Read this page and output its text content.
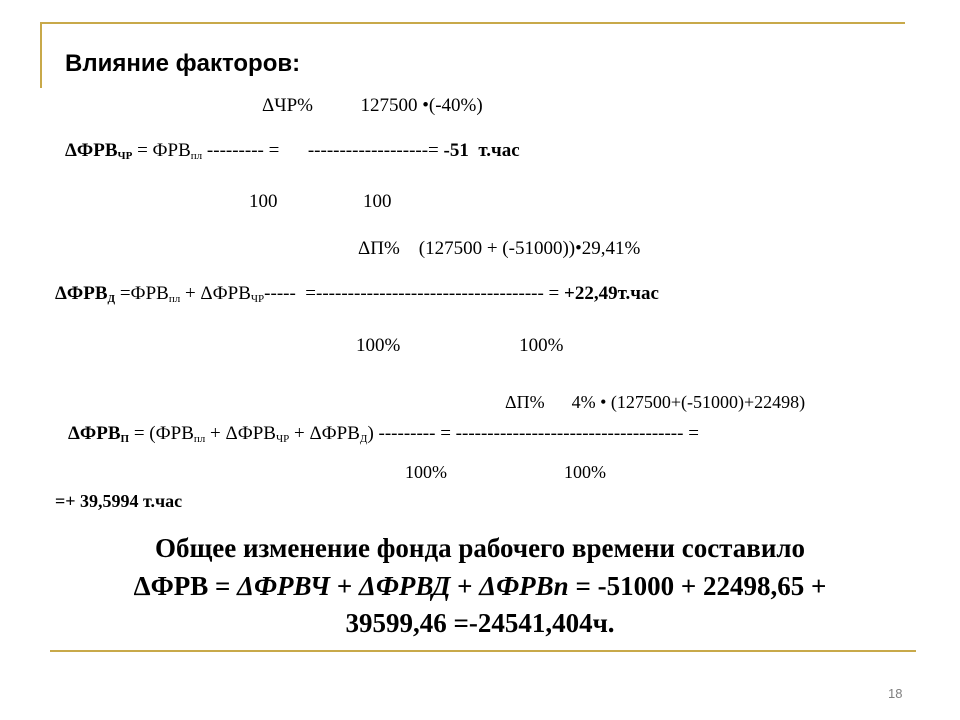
Влияние факторов:
ΔЧР%          127500 •(-40%)
$\Delta ФРВ_{ЧР} = ФРВ_{пл}$ --------- =      -------------------= -51  т.час
100                  100
ΔП%    (127500 + (-51000))•29,41%
$\Delta ФРВ_Д =ФРВ_{пл} + \Delta ФРВ_{ЧР}-----$  =------------------------------------ = +22,49т.час
100%                         100%
ΔП%      4% • (127500+(-51000)+22498)
$\Delta ФРВ_П = (ФРВ_{пл} + \Delta ФРВ_{ЧР} + \Delta ФРВ_Д)$ --------- = ------------------------------------ =
100%                          100%
=+ 39,5994 т.час
Общее изменение фонда рабочего времени составило
ΔФРВ = ΔФРВЧ + ΔФРВД + ΔФРВп = -51000 + 22498,65 +
39599,46 =-24541,404ч.
18
